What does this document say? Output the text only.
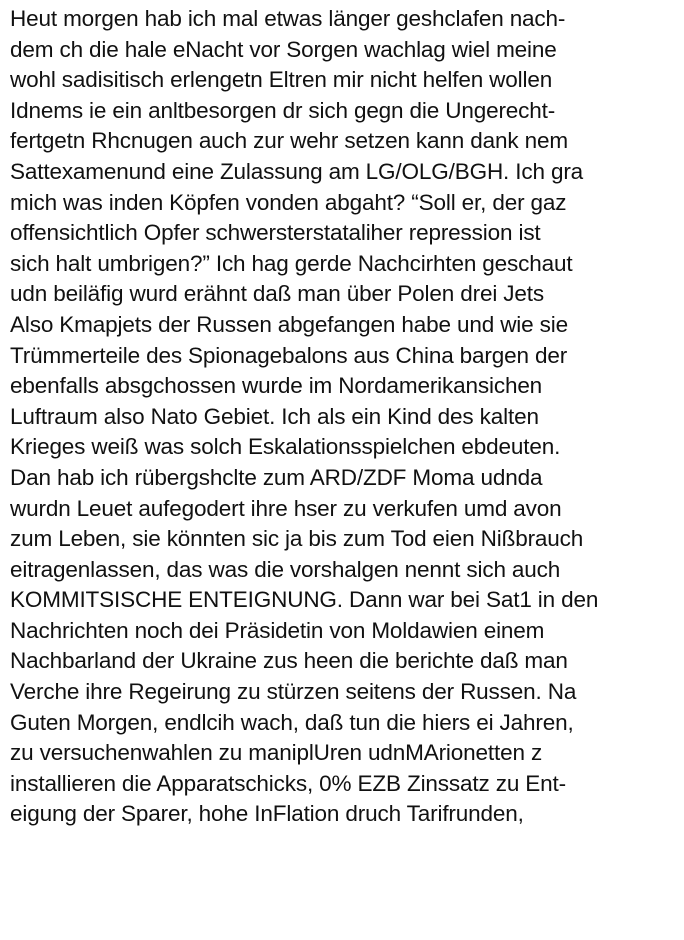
Heut morgen hab ich mal etwas länger geshclafen nach-
dem ch die hale eNacht vor Sorgen wachlag wiel meine
wohl sadisitisch erlengetn Eltren mir nicht helfen wollen
Idnems ie ein anltbesorgen dr sich gegn die Ungerecht-
fertgetn Rhcnugen auch zur wehr setzen kann dank nem
Sattexamenund eine Zulassung am LG/OLG/BGH. Ich gra
mich was inden Köpfen vonden abgaht? “Soll er, der gaz
offensichtlich Opfer schwersterstataliher repression ist
sich halt umbrigen?” Ich hag gerde Nachcirhten geschaut
udn beiläfig wurd erähnt daß man über Polen drei Jets
Also Kmapjets der Russen abgefangen habe und wie sie
Trümmerteile des Spionagebalons aus China bargen der
ebenfalls absgchossen wurde im Nordamerikansichen
Luftraum also Nato Gebiet. Ich als ein Kind des kalten
Krieges weiß was solch Eskalationsspielchen ebdeuten.
Dan hab ich rübergshclte zum ARD/ZDF Moma udnda
wurdn Leuet aufegodert ihre hser zu verkufen umd avon
zum Leben, sie könnten sic ja bis zum Tod eien Nißbrauch
eitragenlassen, das was die vorshalgen nennt sich auch
KOMMITSISCHE ENTEIGNUNG. Dann war bei Sat1 in den
Nachrichten noch dei Präsidetin von Moldawien einem
Nachbarland der Ukraine zus heen die berichte daß man
Verche ihre Regeirung zu stürzen seitens der Russen. Na
Guten Morgen, endlcih wach, daß tun die hiers ei Jahren,
zu versuchenwahlen zu maniplUren udnMArionetten z
installieren die Apparatschicks, 0% EZB Zinssatz zu Ent-
eigung der Sparer, hohe InFlation druch Tarifrunden,
